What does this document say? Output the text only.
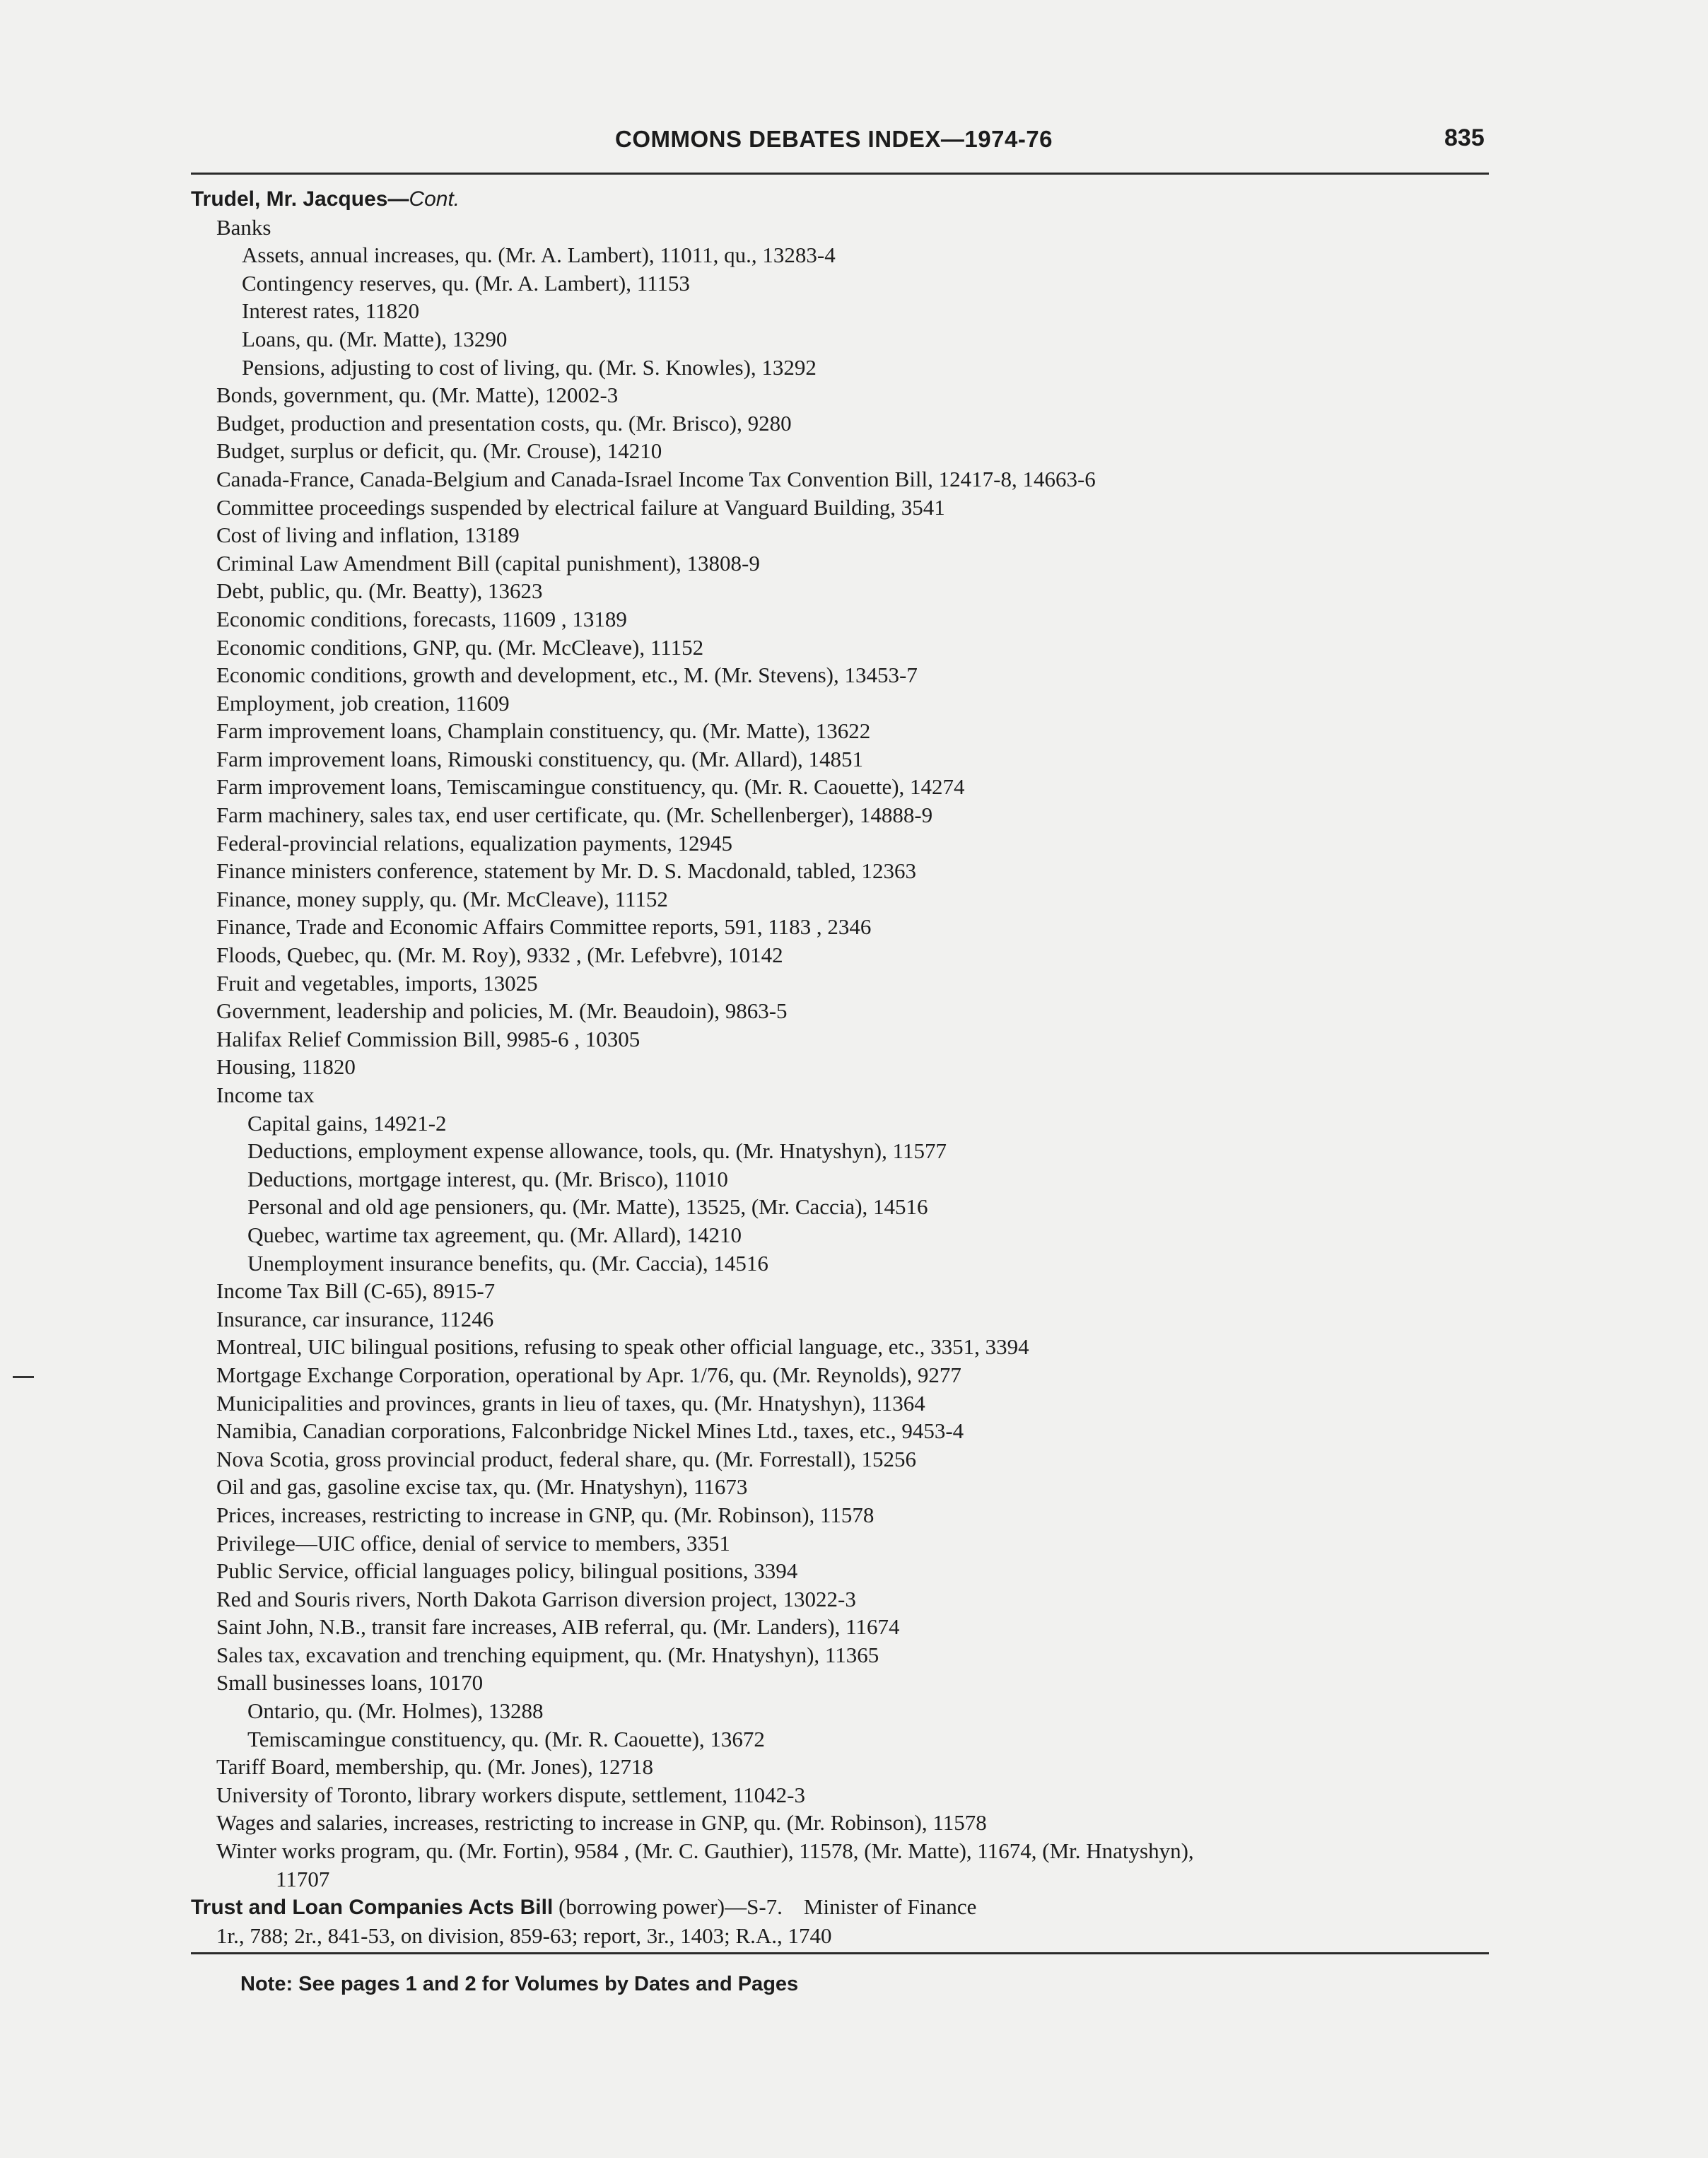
COMMONS DEBATES INDEX—1974-76	835
Trudel, Mr. Jacques—Cont.
Banks
Assets, annual increases, qu. (Mr. A. Lambert), 11011, qu., 13283-4
Contingency reserves, qu. (Mr. A. Lambert), 11153
Interest rates, 11820
Loans, qu. (Mr. Matte), 13290
Pensions, adjusting to cost of living, qu. (Mr. S. Knowles), 13292
Bonds, government, qu. (Mr. Matte), 12002-3
Budget, production and presentation costs, qu. (Mr. Brisco), 9280
Budget, surplus or deficit, qu. (Mr. Crouse), 14210
Canada-France, Canada-Belgium and Canada-Israel Income Tax Convention Bill, 12417-8, 14663-6
Committee proceedings suspended by electrical failure at Vanguard Building, 3541
Cost of living and inflation, 13189
Criminal Law Amendment Bill (capital punishment), 13808-9
Debt, public, qu. (Mr. Beatty), 13623
Economic conditions, forecasts, 11609 , 13189
Economic conditions, GNP, qu. (Mr. McCleave), 11152
Economic conditions, growth and development, etc., M. (Mr. Stevens), 13453-7
Employment, job creation, 11609
Farm improvement loans, Champlain constituency, qu. (Mr. Matte), 13622
Farm improvement loans, Rimouski constituency, qu. (Mr. Allard), 14851
Farm improvement loans, Temiscamingue constituency, qu. (Mr. R. Caouette), 14274
Farm machinery, sales tax, end user certificate, qu. (Mr. Schellenberger), 14888-9
Federal-provincial relations, equalization payments, 12945
Finance ministers conference, statement by Mr. D. S. Macdonald, tabled, 12363
Finance, money supply, qu. (Mr. McCleave), 11152
Finance, Trade and Economic Affairs Committee reports, 591, 1183 , 2346
Floods, Quebec, qu. (Mr. M. Roy), 9332 , (Mr. Lefebvre), 10142
Fruit and vegetables, imports, 13025
Government, leadership and policies, M. (Mr. Beaudoin), 9863-5
Halifax Relief Commission Bill, 9985-6 , 10305
Housing, 11820
Income tax
Capital gains, 14921-2
Deductions, employment expense allowance, tools, qu. (Mr. Hnatyshyn), 11577
Deductions, mortgage interest, qu. (Mr. Brisco), 11010
Personal and old age pensioners, qu. (Mr. Matte), 13525, (Mr. Caccia), 14516
Quebec, wartime tax agreement, qu. (Mr. Allard), 14210
Unemployment insurance benefits, qu. (Mr. Caccia), 14516
Income Tax Bill (C-65), 8915-7
Insurance, car insurance, 11246
Montreal, UIC bilingual positions, refusing to speak other official language, etc., 3351, 3394
Mortgage Exchange Corporation, operational by Apr. 1/76, qu. (Mr. Reynolds), 9277
Municipalities and provinces, grants in lieu of taxes, qu. (Mr. Hnatyshyn), 11364
Namibia, Canadian corporations, Falconbridge Nickel Mines Ltd., taxes, etc., 9453-4
Nova Scotia, gross provincial product, federal share, qu. (Mr. Forrestall), 15256
Oil and gas, gasoline excise tax, qu. (Mr. Hnatyshyn), 11673
Prices, increases, restricting to increase in GNP, qu. (Mr. Robinson), 11578
Privilege—UIC office, denial of service to members, 3351
Public Service, official languages policy, bilingual positions, 3394
Red and Souris rivers, North Dakota Garrison diversion project, 13022-3
Saint John, N.B., transit fare increases, AIB referral, qu. (Mr. Landers), 11674
Sales tax, excavation and trenching equipment, qu. (Mr. Hnatyshyn), 11365
Small businesses loans, 10170
Ontario, qu. (Mr. Holmes), 13288
Temiscamingue constituency, qu. (Mr. R. Caouette), 13672
Tariff Board, membership, qu. (Mr. Jones), 12718
University of Toronto, library workers dispute, settlement, 11042-3
Wages and salaries, increases, restricting to increase in GNP, qu. (Mr. Robinson), 11578
Winter works program, qu. (Mr. Fortin), 9584 , (Mr. C. Gauthier), 11578, (Mr. Matte), 11674, (Mr. Hnatyshyn),
11707
Trust and Loan Companies Acts Bill (borrowing power)—S-7. Minister of Finance
1r., 788; 2r., 841-53, on division, 859-63; report, 3r., 1403; R.A., 1740
Note: See pages 1 and 2 for Volumes by Dates and Pages
